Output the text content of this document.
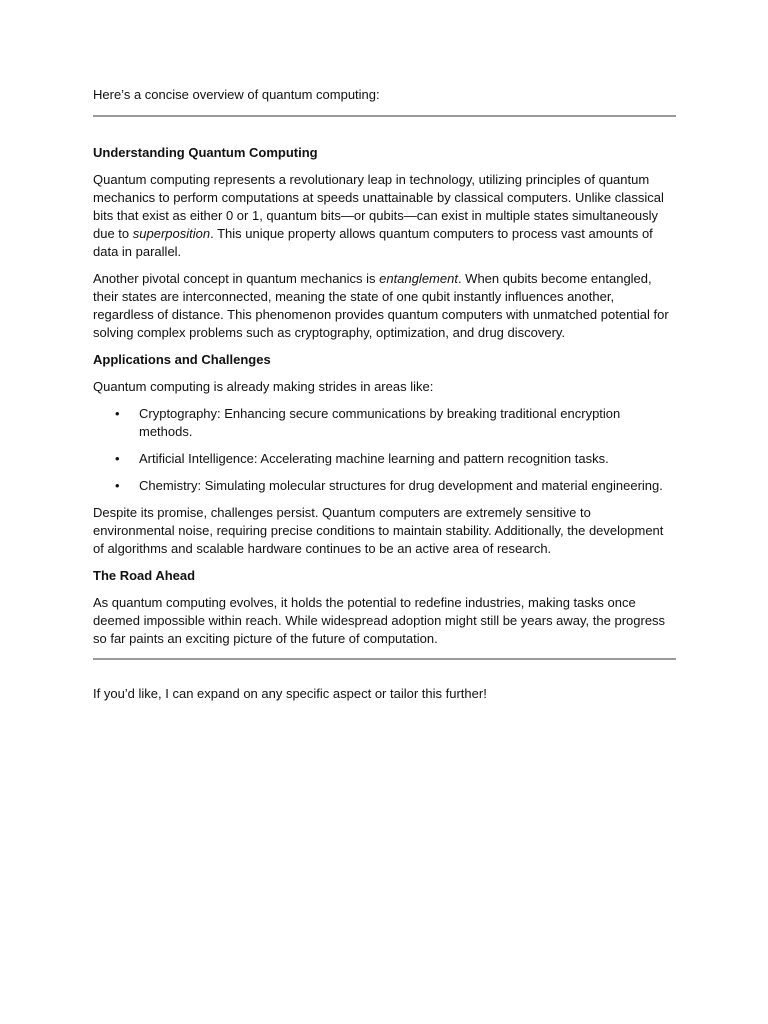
Here’s a concise overview of quantum computing:

Understanding Quantum Computing

Quantum computing represents a revolutionary leap in technology, utilizing principles of quantum mechanics to perform computations at speeds unattainable by classical computers. Unlike classical bits that exist as either 0 or 1, quantum bits—or qubits—can exist in multiple states simultaneously due to superposition. This unique property allows quantum computers to process vast amounts of data in parallel.

Another pivotal concept in quantum mechanics is entanglement. When qubits become entangled, their states are interconnected, meaning the state of one qubit instantly influences another, regardless of distance. This phenomenon provides quantum computers with unmatched potential for solving complex problems such as cryptography, optimization, and drug discovery.

Applications and Challenges

Quantum computing is already making strides in areas like:

• Cryptography: Enhancing secure communications by breaking traditional encryption methods.
• Artificial Intelligence: Accelerating machine learning and pattern recognition tasks.
• Chemistry: Simulating molecular structures for drug development and material engineering.

Despite its promise, challenges persist. Quantum computers are extremely sensitive to environmental noise, requiring precise conditions to maintain stability. Additionally, the development of algorithms and scalable hardware continues to be an active area of research.

The Road Ahead

As quantum computing evolves, it holds the potential to redefine industries, making tasks once deemed impossible within reach. While widespread adoption might still be years away, the progress so far paints an exciting picture of the future of computation.

If you’d like, I can expand on any specific aspect or tailor this further!
